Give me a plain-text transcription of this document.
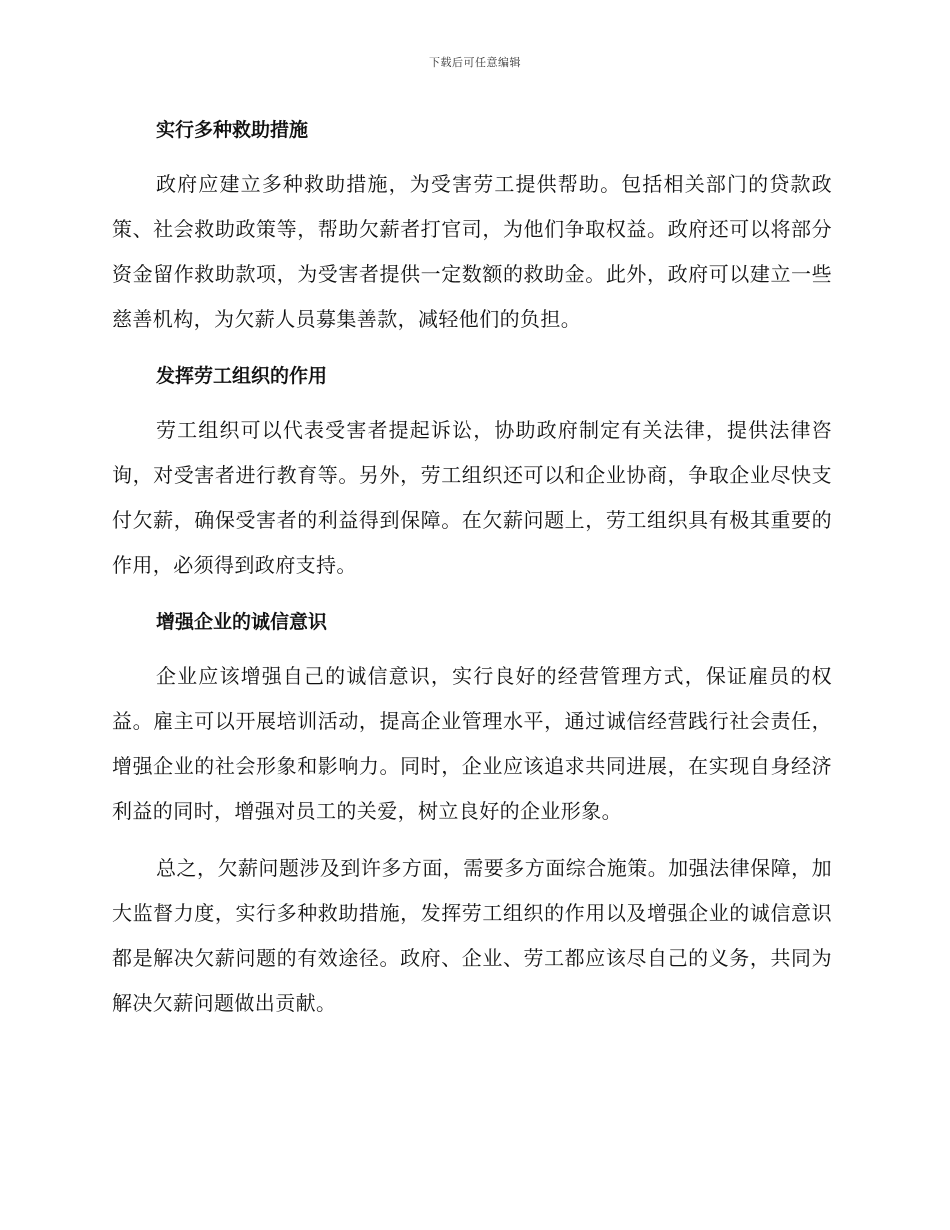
下载后可任意编辑
实行多种救助措施

政府应建立多种救助措施，为受害劳工提供帮助。包括相关部门的贷款政策、社会救助政策等，帮助欠薪者打官司，为他们争取权益。政府还可以将部分资金留作救助款项，为受害者提供一定数额的救助金。此外，政府可以建立一些慈善机构，为欠薪人员募集善款，减轻他们的负担。

发挥劳工组织的作用

劳工组织可以代表受害者提起诉讼，协助政府制定有关法律，提供法律咨询，对受害者进行教育等。另外，劳工组织还可以和企业协商，争取企业尽快支付欠薪，确保受害者的利益得到保障。在欠薪问题上，劳工组织具有极其重要的作用，必须得到政府支持。

增强企业的诚信意识

企业应该增强自己的诚信意识，实行良好的经营管理方式，保证雇员的权益。雇主可以开展培训活动，提高企业管理水平，通过诚信经营践行社会责任，增强企业的社会形象和影响力。同时，企业应该追求共同进展，在实现自身经济利益的同时，增强对员工的关爱，树立良好的企业形象。

总之，欠薪问题涉及到许多方面，需要多方面综合施策。加强法律保障，加大监督力度，实行多种救助措施，发挥劳工组织的作用以及增强企业的诚信意识都是解决欠薪问题的有效途径。政府、企业、劳工都应该尽自己的义务，共同为解决欠薪问题做出贡献。
